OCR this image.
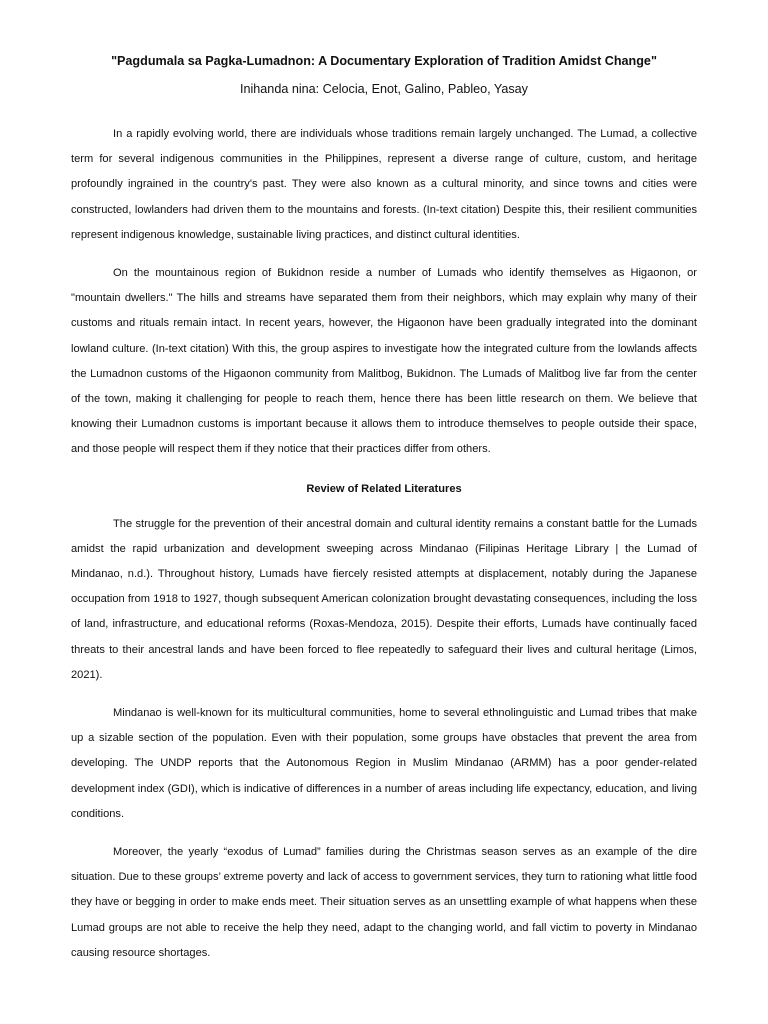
"Pagdumala sa Pagka-Lumadnon: A Documentary Exploration of Tradition Amidst Change"
Inihanda nina: Celocia, Enot, Galino, Pableo, Yasay

In a rapidly evolving world, there are individuals whose traditions remain largely unchanged. The Lumad, a collective term for several indigenous communities in the Philippines, represent a diverse range of culture, custom, and heritage profoundly ingrained in the country's past. They were also known as a cultural minority, and since towns and cities were constructed, lowlanders had driven them to the mountains and forests. (In-text citation) Despite this, their resilient communities represent indigenous knowledge, sustainable living practices, and distinct cultural identities.

On the mountainous region of Bukidnon reside a number of Lumads who identify themselves as Higaonon, or "mountain dwellers." The hills and streams have separated them from their neighbors, which may explain why many of their customs and rituals remain intact. In recent years, however, the Higaonon have been gradually integrated into the dominant lowland culture. (In-text citation) With this, the group aspires to investigate how the integrated culture from the lowlands affects the Lumadnon customs of the Higaonon community from Malitbog, Bukidnon. The Lumads of Malitbog live far from the center of the town, making it challenging for people to reach them, hence there has been little research on them. We believe that knowing their Lumadnon customs is important because it allows them to introduce themselves to people outside their space, and those people will respect them if they notice that their practices differ from others.

Review of Related Literatures

The struggle for the prevention of their ancestral domain and cultural identity remains a constant battle for the Lumads amidst the rapid urbanization and development sweeping across Mindanao (Filipinas Heritage Library | the Lumad of Mindanao, n.d.). Throughout history, Lumads have fiercely resisted attempts at displacement, notably during the Japanese occupation from 1918 to 1927, though subsequent American colonization brought devastating consequences, including the loss of land, infrastructure, and educational reforms (Roxas-Mendoza, 2015). Despite their efforts, Lumads have continually faced threats to their ancestral lands and have been forced to flee repeatedly to safeguard their lives and cultural heritage (Limos, 2021).

Mindanao is well-known for its multicultural communities, home to several ethnolinguistic and Lumad tribes that make up a sizable section of the population. Even with their population, some groups have obstacles that prevent the area from developing. The UNDP reports that the Autonomous Region in Muslim Mindanao (ARMM) has a poor gender-related development index (GDI), which is indicative of differences in a number of areas including life expectancy, education, and living conditions.

Moreover, the yearly “exodus of Lumad” families during the Christmas season serves as an example of the dire situation. Due to these groups’ extreme poverty and lack of access to government services, they turn to rationing what little food they have or begging in order to make ends meet. Their situation serves as an unsettling example of what happens when these Lumad groups are not able to receive the help they need, adapt to the changing world, and fall victim to poverty in Mindanao causing resource shortages.
